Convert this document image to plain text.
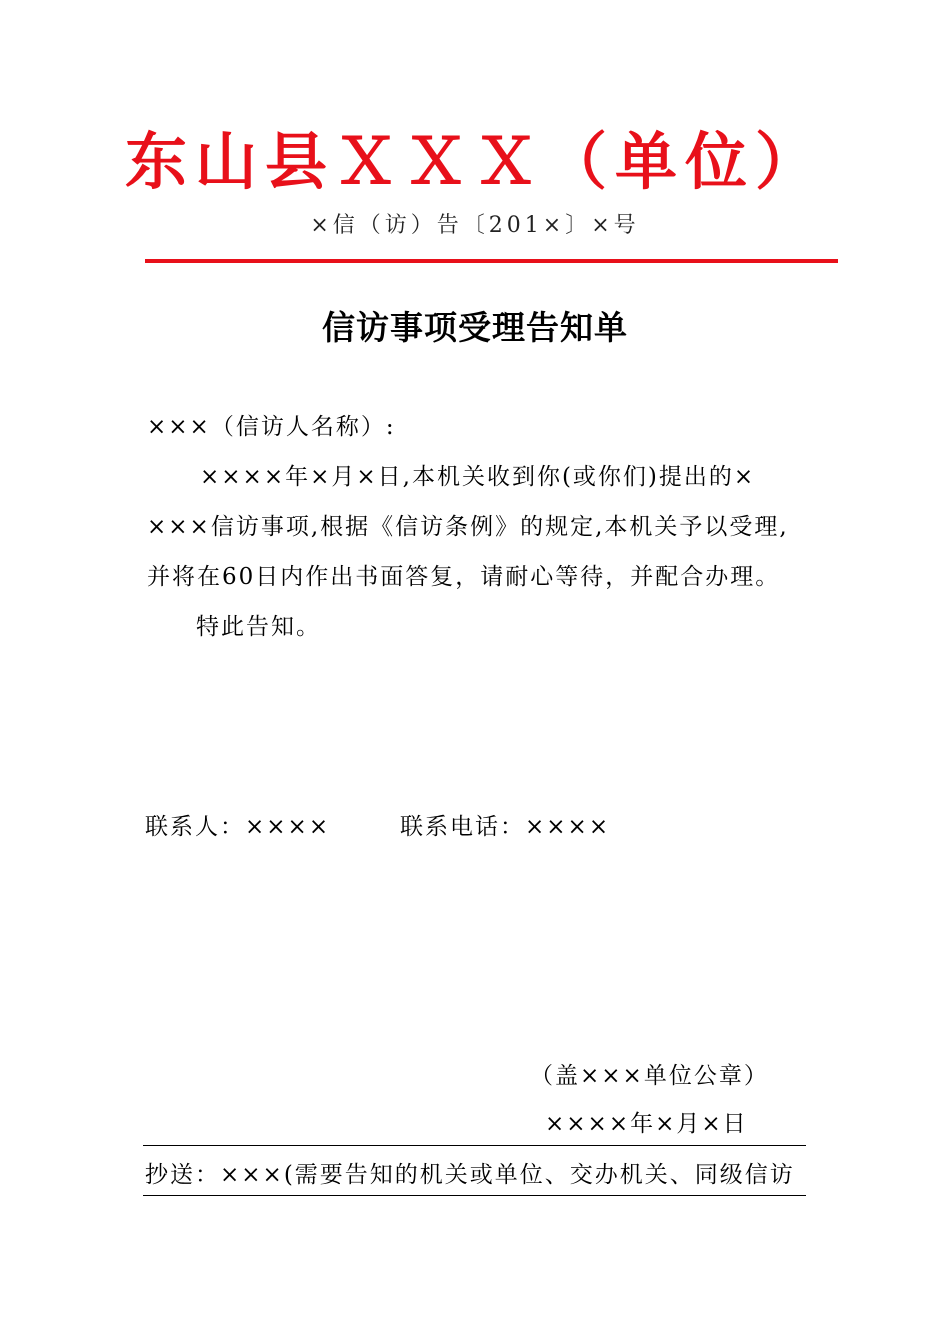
东山县ＸＸＸ（单位）
×信（访）告〔201×〕×号
信访事项受理告知单
×××（信访人名称）:
××××年×月×日,本机关收到你(或你们)提出的×
×××信访事项,根据《信访条例》的规定,本机关予以受理,
并将在60日内作出书面答复，请耐心等待，并配合办理。
特此告知。
联系人：××××	联系电话：××××
（盖×××单位公章）
××××年×月×日
抄送：×××(需要告知的机关或单位、交办机关、同级信访
